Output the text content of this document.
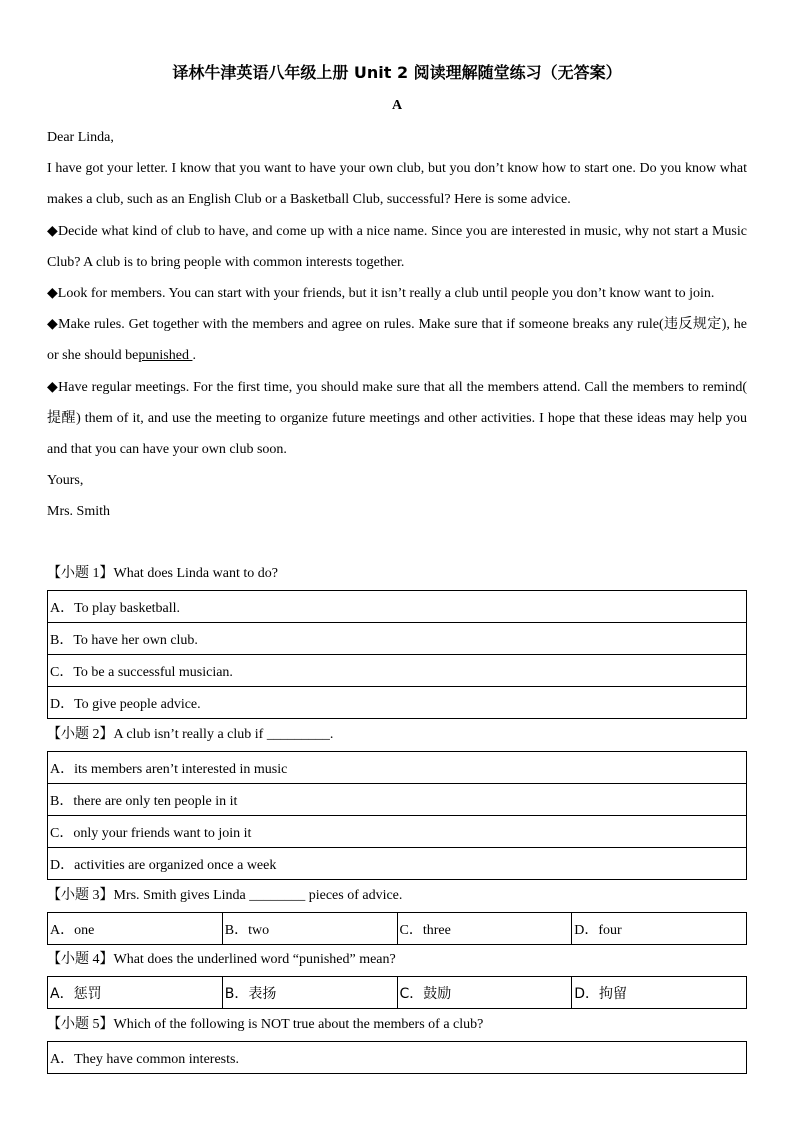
译林牛津英语八年级上册 Unit 2 阅读理解随堂练习（无答案）
A

Dear Linda,

I have got your letter. I know that you want to have your own club, but you don’t know how to start one. Do you know what makes a club, such as an English Club or a Basketball Club, successful? Here is some advice.

◆Decide what kind of club to have, and come up with a nice name. Since you are interested in music, why not start a Music Club? A club is to bring people with common interests together.

◆Look for members. You can start with your friends, but it isn’t really a club until people you don’t know want to join.

◆Make rules. Get together with the members and agree on rules. Make sure that if someone breaks any rule(违反规定), he or she should bepunished .

◆Have regular meetings. For the first time, you should make sure that all the members attend. Call the members to remind( 提醒) them of it, and use the meeting to organize future meetings and other activities. I hope that these ideas may help you and that you can have your own club soon.

Yours,

Mrs. Smith

【小题 1】What does Linda want to do?
A．To play basketball.
B．To have her own club.
C．To be a successful musician.
D．To give people advice.
【小题 2】A club isn’t really a club if _________.
A．its members aren’t interested in music
B．there are only ten people in it
C．only your friends want to join it
D．activities are organized once a week
【小题 3】Mrs. Smith gives Linda ________ pieces of advice.
A．one	B．two	C．three	D．four
【小题 4】What does the underlined word “punished” mean?
A．惩罚	B．表扬	C．鼓励	D．拘留
【小题 5】Which of the following is NOT true about the members of a club?
A．They have common interests.
